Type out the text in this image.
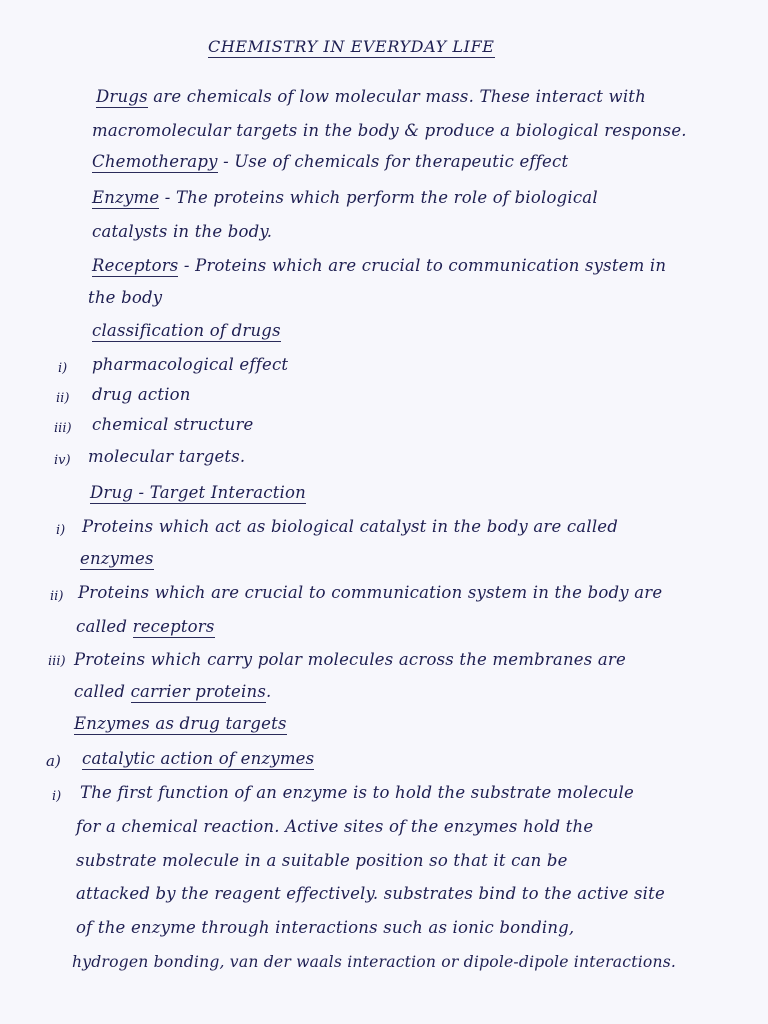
CHEMISTRY IN EVERYDAY LIFE
Drugs are chemicals of low molecular mass. These interact with
macromolecular targets in the body & produce a biological response.
Chemotherapy - Use of chemicals for therapeutic effect
Enzyme - The proteins which perform the role of biological
catalysts in the body.
Receptors - Proteins which are crucial to communication system in
the body
classification of drugs
i) pharmacological effect
ii) drug action
iii) chemical structure
iv) molecular targets.
Drug - Target Interaction
i) Proteins which act as biological catalyst in the body are called
enzymes
ii) Proteins which are crucial to communication system in the body are
called receptors
iii) Proteins which carry polar molecules across the membranes are
called carrier proteins.
Enzymes as drug targets
a) catalytic action of enzymes
i) The first function of an enzyme is to hold the substrate molecule
for a chemical reaction. Active sites of the enzymes hold the
substrate molecule in a suitable position so that it can be
attacked by the reagent effectively. substrates bind to the active site
of the enzyme through interactions such as ionic bonding,
hydrogen bonding, van der waals interaction or dipole-dipole interactions.
